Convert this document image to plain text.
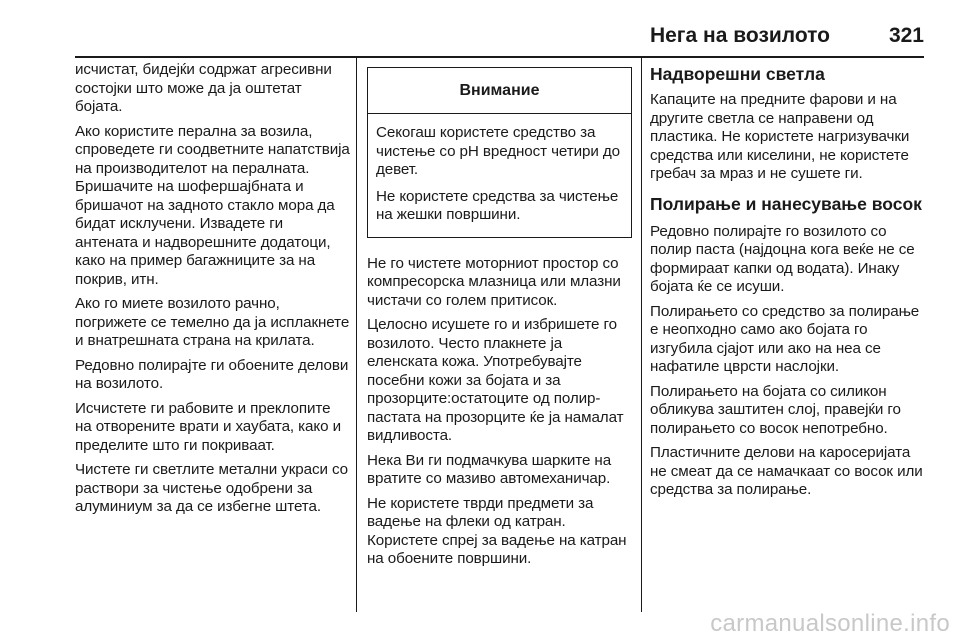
Нега на возилото	321

исчистат, бидејќи содржат агресивни состојки што може да ја оштетат бојата.

Ако користите перална за возила, спроведете ги соодветните напатствија на производителот на пералната. Бришачите на шофершајбната и бришачот на задното стакло мора да бидат исклучени. Извадете ги антената и надворешните додатоци, како на пример багажниците за на покрив, итн.

Ако го миете возилото рачно, погрижете се темелно да ја исплакнете и внатрешната страна на крилата.

Редовно полирајте ги обоените делови на возилото.

Исчистете ги рабовите и преклопите на отворените врати и хаубата, како и пределите што ги покриваат.

Чистете ги светлите метални украси со раствори за чистење одобрени за алуминиум за да се избегне штета.

Внимание

Секогаш користете средство за чистење со pH вредност четири до девет.

Не користете средства за чистење на жешки површини.

Не го чистете моторниот простор со компресорска млазница или млазни чистачи со голем притисок.

Целосно исушете го и избришете го возилото. Често плакнете ја еленската кожа. Употребувајте посебни кожи за бојата и за прозорците:остатоците од полир-пастата на прозорците ќе ја намалат видливоста.

Нека Ви ги подмачкува шарките на вратите со мазиво автомеханичар.

Не користете тврди предмети за вадење на флеки од катран. Користете спреј за вадење на катран на обоените површини.

Надворешни светла

Капаците на предните фарови и на другите светла се направени од пластика. Не користете нагризувачки средства или киселини, не користете гребач за мраз и не сушете ги.

Полирање и нанесување восок

Редовно полирајте го возилото со полир паста (најдоцна кога веќе не се формираат капки од водата). Инаку бојата ќе се исуши.

Полирањето со средство за полирање е неопходно само ако бојата го изгубила сјајот или ако на неа се нафатиле цврсти наслојки.

Полирањето на бојата со силикон обликува заштитен слој, правејќи го полирањето со восок непотребно.

Пластичните делови на каросеријата не смеат да се намачкаат со восок или средства за полирање.

carmanualsonline.info
